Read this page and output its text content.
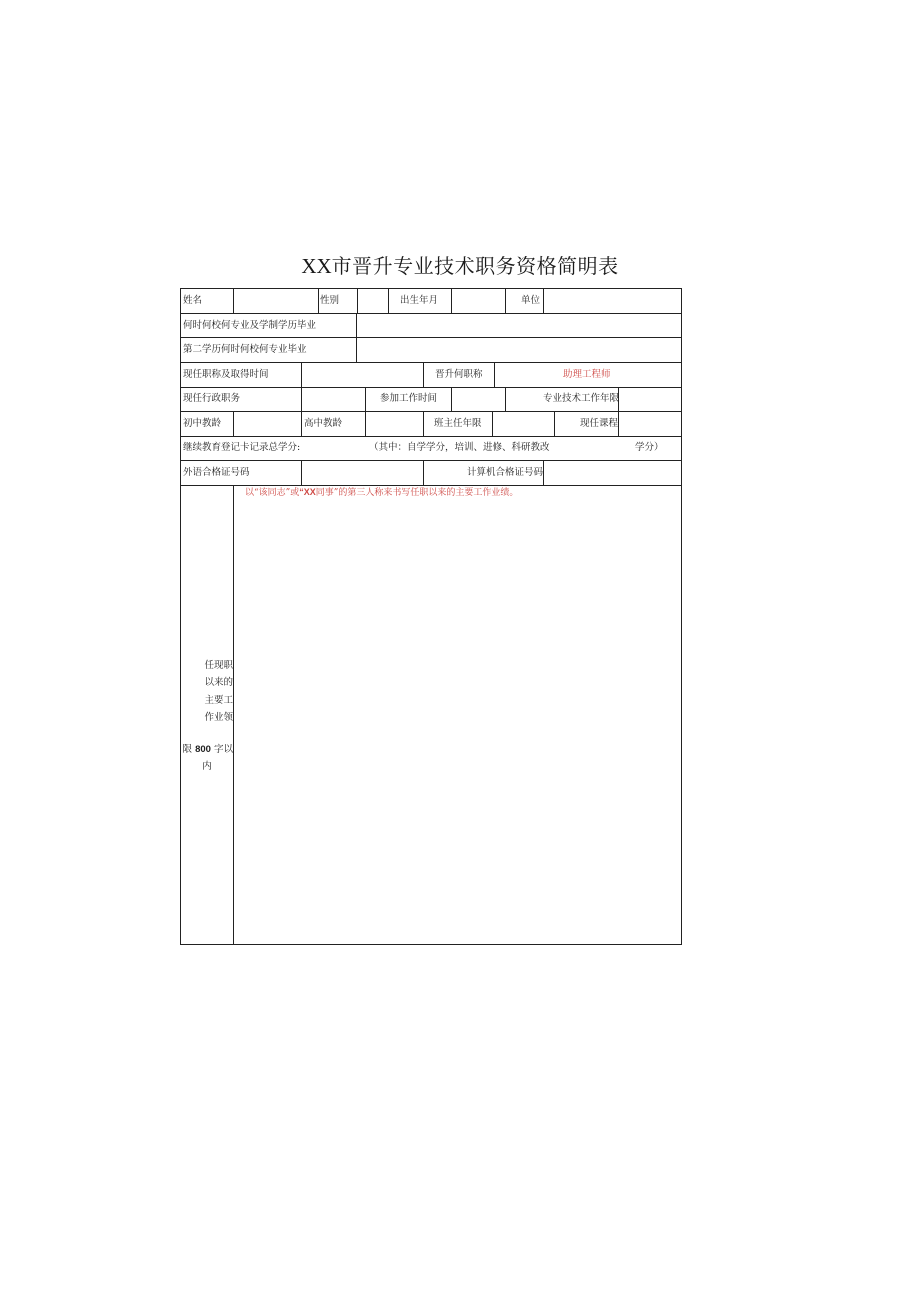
XX市晋升专业技术职务资格简明表
姓名	性别	出生年月	单位
何时何校何专业及学制学历毕业
第二学历何时何校何专业毕业
现任职称及取得时间	晋升何职称	助理工程师
现任行政职务	参加工作时间	专业技术工作年限
初中教龄	高中教龄	班主任年限	现任课程
继续教育登记卡记录总学分:	（其中：自学学分，培训、进修、科研教改	学分）
外语合格证号码	计算机合格证号码
任现职
以来的
主要工
作业领
限 800 字以
内
以“该同志”或“XX同事”的第三人称来书写任职以来的主要工作业绩。
